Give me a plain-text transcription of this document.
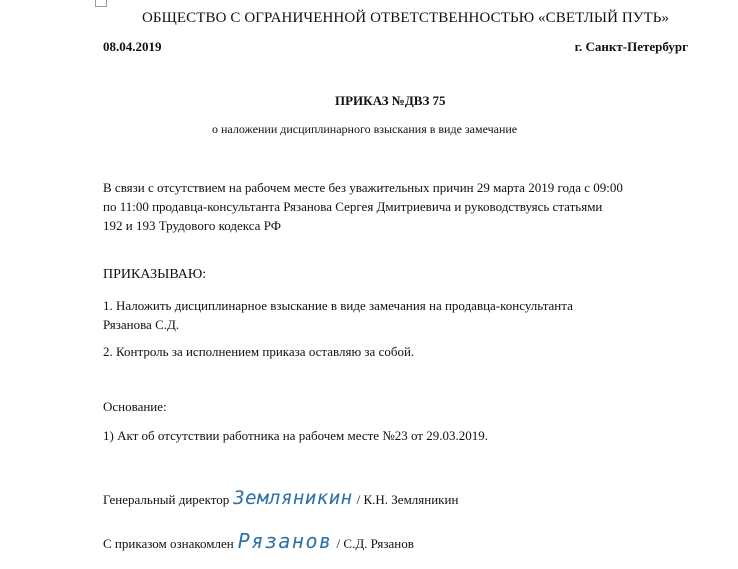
ОБЩЕСТВО С ОГРАНИЧЕННОЙ ОТВЕТСТВЕННОСТЬЮ «СВЕТЛЫЙ ПУТЬ»
08.04.2019	г. Санкт-Петербург
ПРИКАЗ №ДВЗ 75
о наложении дисциплинарного взыскания в виде замечание
В связи с отсутствием на рабочем месте без уважительных причин 29 марта 2019 года с 09:00
по 11:00 продавца-консультанта Рязанова Сергея Дмитриевича и руководствуясь статьями
192 и 193 Трудового кодекса РФ
ПРИКАЗЫВАЮ:
1. Наложить дисциплинарное взыскание в виде замечания на продавца-консультанта
Рязанова С.Д.
2. Контроль за исполнением приказа оставляю за собой.
Основание:
1) Акт об отсутствии работника на рабочем месте №23 от 29.03.2019.
Генеральный директор Земляникин / К.Н. Земляникин
С приказом ознакомлен Рязанов / С.Д. Рязанов
